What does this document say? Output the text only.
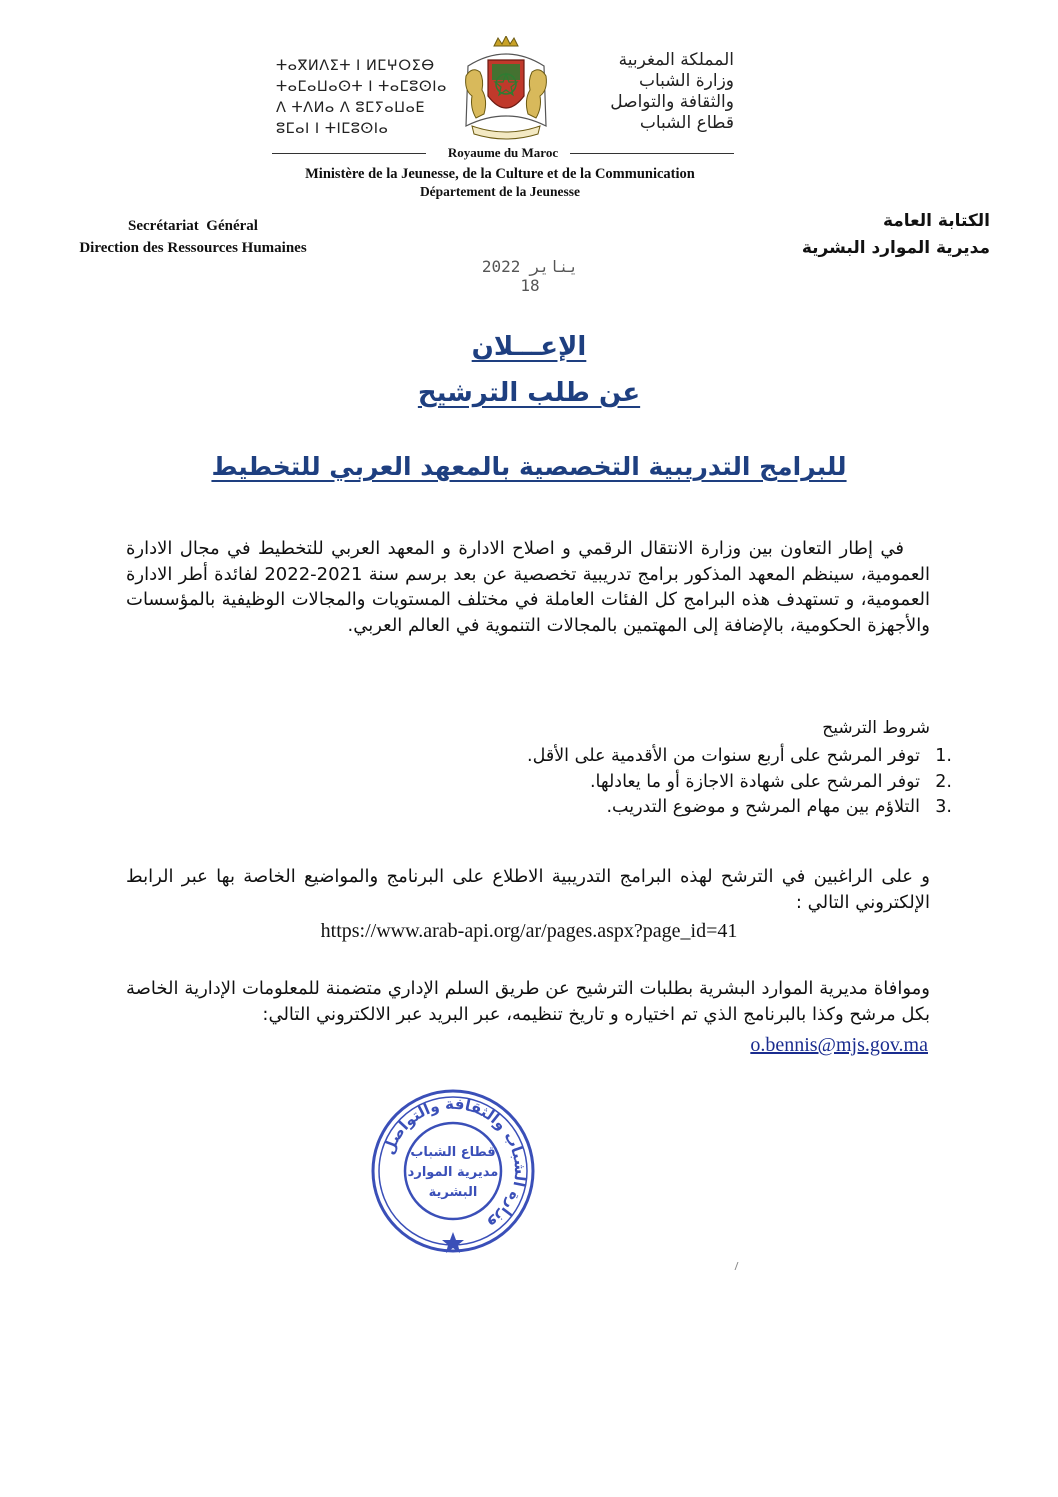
ⵜⴰⴳⵍⴷⵉⵜ ⵏ ⵍⵎⵖⵔⵉⴱ
ⵜⴰⵎⴰⵡⴰⵙⵜ ⵏ ⵜⴰⵎⵓⵙⵏⴰ
ⴷ ⵜⴷⵍⴰ ⴷ ⵓⵎⵢⴰⵡⴰⴹ
ⵓⵎⴰⵏ ⵏ ⵜⵏⵎⵓⵙⵏⴰ
المملكة المغربية
وزارة الشباب
والثقافة والتواصل
قطاع الشباب
Royaume du Maroc
Ministère de la Jeunesse, de la Culture et de la Communication
Département de la Jeunesse
Secrétariat  Général
Direction des Ressources Humaines
الكتابة العامة
مديرية الموارد البشرية
2022 يناير 18
الإعـــلان
عن طلب الترشيح
للبرامج التدريبية التخصصية بالمعهد العربي للتخطيط
في إطار التعاون بين وزارة الانتقال الرقمي و اصلاح الادارة و المعهد العربي للتخطيط في مجال الادارة العمومية، سينظم المعهد المذكور برامج تدريبية تخصصية عن بعد برسم سنة 2021-2022 لفائدة أطر الادارة العمومية، و تستهدف هذه البرامج كل الفئات العاملة في مختلف المستويات والمجالات الوظيفية بالمؤسسات والأجهزة الحكومية، بالإضافة إلى المهتمين بالمجالات التنموية في العالم العربي.
شروط الترشيح
1.
توفر المرشح على أربع سنوات من الأقدمية على الأقل.
2.
توفر المرشح على شهادة الاجازة أو ما يعادلها.
3.
التلاؤم بين مهام المرشح و موضوع التدريب.
و على الراغبين في الترشح لهذه البرامج التدريبية الاطلاع على البرنامج والمواضيع الخاصة بها عبر الرابط الإلكتروني التالي :
https://www.arab-api.org/ar/pages.aspx?page_id=41
وموافاة مديرية الموارد البشرية بطلبات الترشيح عن طريق السلم الإداري متضمنة للمعلومات الإدارية الخاصة بكل مرشح وكذا بالبرنامج الذي تم اختياره و تاريخ تنظيمه، عبر البريد عبر الالكتروني التالي:
o.bennis@mjs.gov.ma
وزارة الشباب والثقافة والتواصل
قطاع الشباب
مديرية الموارد
البشرية
